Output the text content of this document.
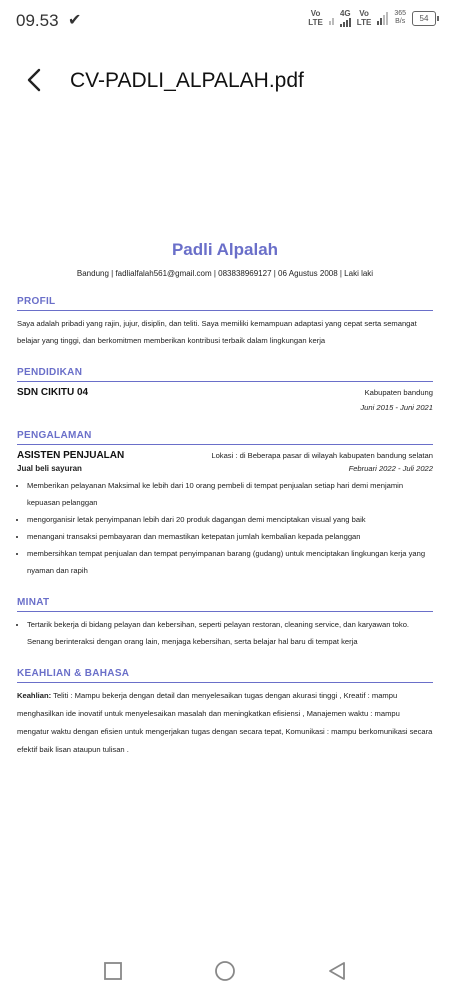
09.53 ✔	Vo
LTE
4G	Vo
LTE
365
B/s 54
CV-PADLI_ALPALAH.pdf
Padli Alpalah
Bandung | fadlialfalah561@gmail.com | 083838969127 | 06 Agustus 2008 | Laki laki
PROFIL

Saya adalah pribadi yang rajin, jujur, disiplin, dan teliti. Saya memiliki kemampuan adaptasi yang cepat serta semangat belajar yang tinggi, dan berkomitmen memberikan kontribusi terbaik dalam lingkungan kerja

PENDIDIKAN
SDN CIKITU 04	Kabupaten bandung
Juni 2015 - Juni 2021
PENGALAMAN
ASISTEN PENJUALAN	Lokasi : di Beberapa pasar di wilayah kabupaten bandung selatan
Jual beli sayuran	Februari 2022 - Juli 2022
• Memberikan pelayanan Maksimal ke lebih dari 10 orang pembeli di tempat penjualan setiap hari demi menjamin kepuasan pelanggan
• mengorganisir letak penyimpanan lebih dari 20 produk dagangan demi menciptakan visual yang baik
• menangani transaksi pembayaran dan memastikan ketepatan jumlah kembalian kepada pelanggan
• membersihkan tempat penjualan dan tempat penyimpanan barang (gudang) untuk menciptakan lingkungan kerja yang nyaman dan rapih
MINAT
• Tertarik bekerja di bidang pelayan dan kebersihan, seperti pelayan restoran, cleaning service, dan karyawan toko. Senang berinteraksi dengan orang lain, menjaga kebersihan, serta belajar hal baru di tempat kerja
KEAHLIAN & BAHASA

Keahlian: Teliti : Mampu bekerja dengan detail dan menyelesaikan tugas dengan akurasi tinggi , Kreatif : mampu menghasilkan ide inovatif untuk menyelesaikan masalah dan meningkatkan efisiensi , Manajemen waktu : mampu mengatur waktu dengan efisien untuk mengerjakan tugas dengan secara tepat, Komunikasi : mampu berkomunikasi secara efektif baik lisan ataupun tulisan .
